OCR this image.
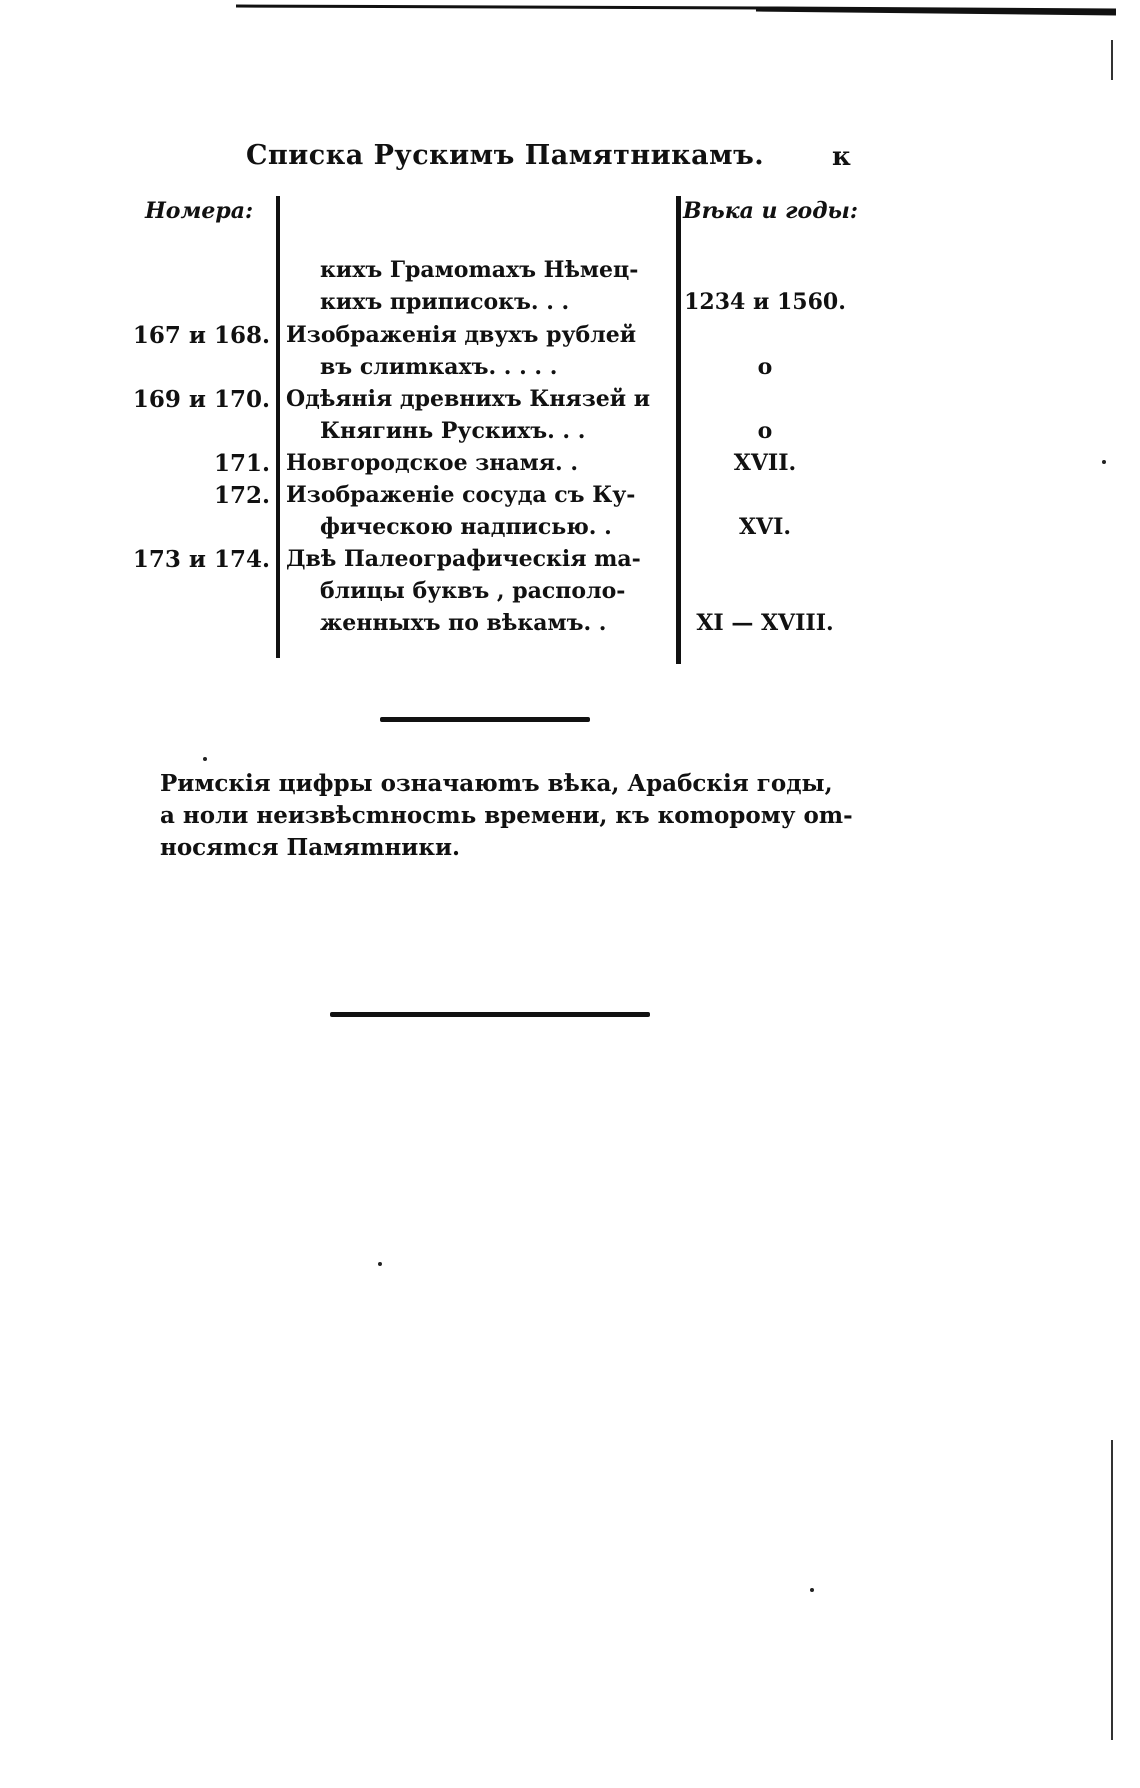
Списка Рускимъ Памятникамъ.	к
Номера:	Вѣка и годы:
кихъ Грамоmахъ Нѣмец-
кихъ приписокъ. . .	1234 и 1560.
167 и 168. Изображенія двухъ рублей
въ слиmкахъ. . . . .	o
169 и 170. Одѣянія древнихъ Князей и
Княгинь Рускихъ. . .	o
171. Новгородское знамя. .	XVII.
172. Изображеніе сосуда съ Ку-
фическою надписью. .	XVI.
173 и 174. Двѣ Палеографическія mа-
блицы буквъ , располо-
женныхъ по вѣкамъ. .	XI — XVIII.
Римскія цифры означаюmъ вѣка, Арабскія годы,
а ноли неизвѣсmносmь времени, къ коmорому оm-
носяmся Памяmники.
